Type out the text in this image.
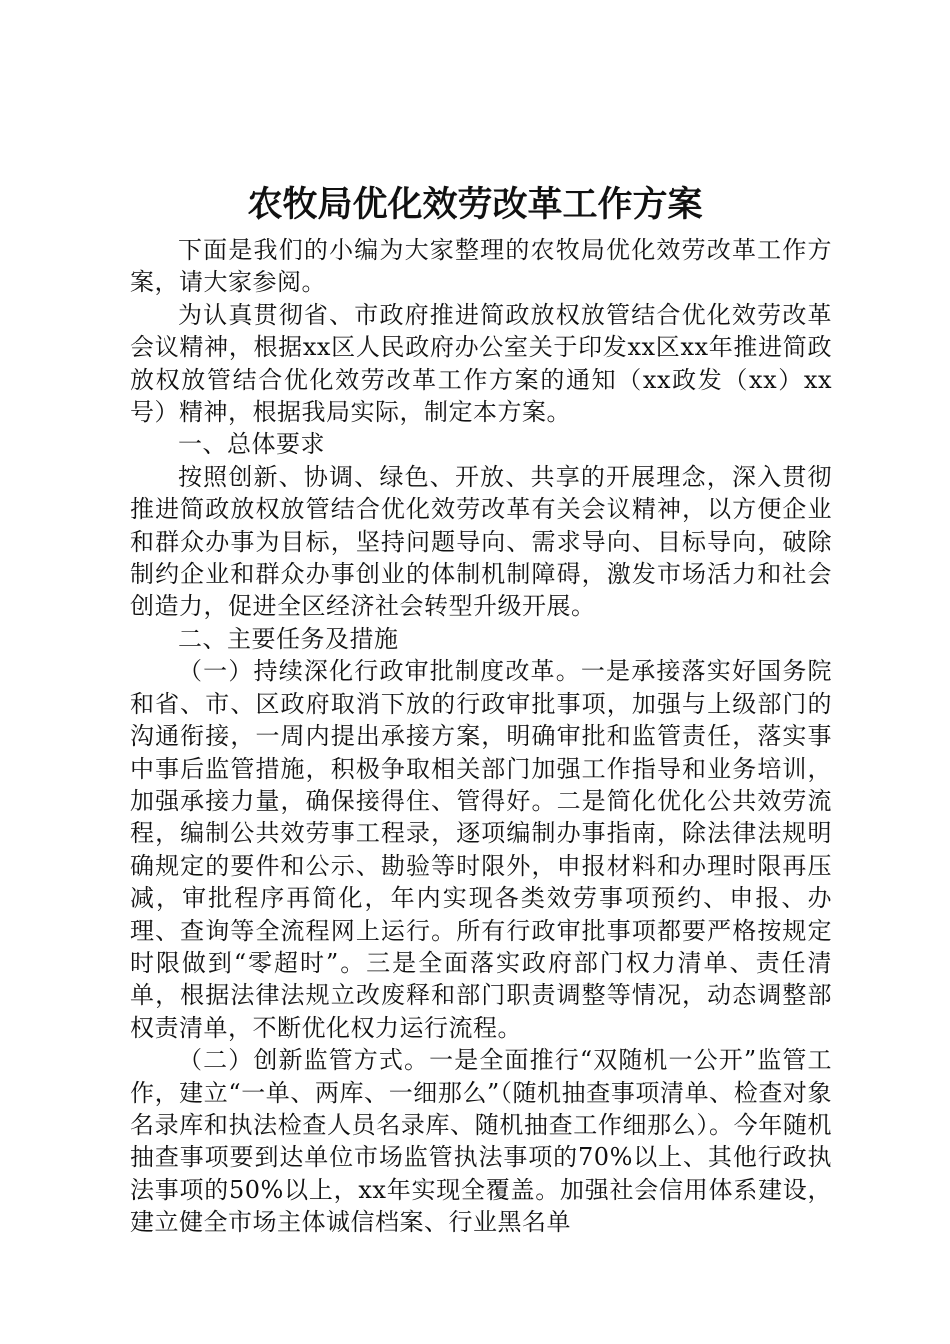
农牧局优化效劳改革工作方案

下面是我们的小编为大家整理的农牧局优化效劳改革工作方案，请大家参阅。

为认真贯彻省、市政府推进简政放权放管结合优化效劳改革会议精神，根据xx区人民政府办公室关于印发xx区xx年推进简政放权放管结合优化效劳改革工作方案的通知（xx政发（xx）xx号）精神，根据我局实际，制定本方案。

一、总体要求

按照创新、协调、绿色、开放、共享的开展理念，深入贯彻推进简政放权放管结合优化效劳改革有关会议精神，以方便企业和群众办事为目标，坚持问题导向、需求导向、目标导向，破除制约企业和群众办事创业的体制机制障碍，激发市场活力和社会创造力，促进全区经济社会转型升级开展。

二、主要任务及措施

（一）持续深化行政审批制度改革。一是承接落实好国务院和省、市、区政府取消下放的行政审批事项，加强与上级部门的沟通衔接，一周内提出承接方案，明确审批和监管责任，落实事中事后监管措施，积极争取相关部门加强工作指导和业务培训，加强承接力量，确保接得住、管得好。二是简化优化公共效劳流程，编制公共效劳事工程录，逐项编制办事指南，除法律法规明确规定的要件和公示、勘验等时限外，申报材料和办理时限再压减，审批程序再简化，年内实现各类效劳事项预约、申报、办理、查询等全流程网上运行。所有行政审批事项都要严格按规定时限做到“零超时”。三是全面落实政府部门权力清单、责任清单，根据法律法规立改废释和部门职责调整等情况，动态调整部权责清单，不断优化权力运行流程。

（二）创新监管方式。一是全面推行“双随机一公开”监管工作，建立“一单、两库、一细那么”（随机抽查事项清单、检查对象名录库和执法检查人员名录库、随机抽查工作细那么）。今年随机抽查事项要到达单位市场监管执法事项的70%以上、其他行政执法事项的50%以上，xx年实现全覆盖。加强社会信用体系建设，建立健全市场主体诚信档案、行业黑名单
